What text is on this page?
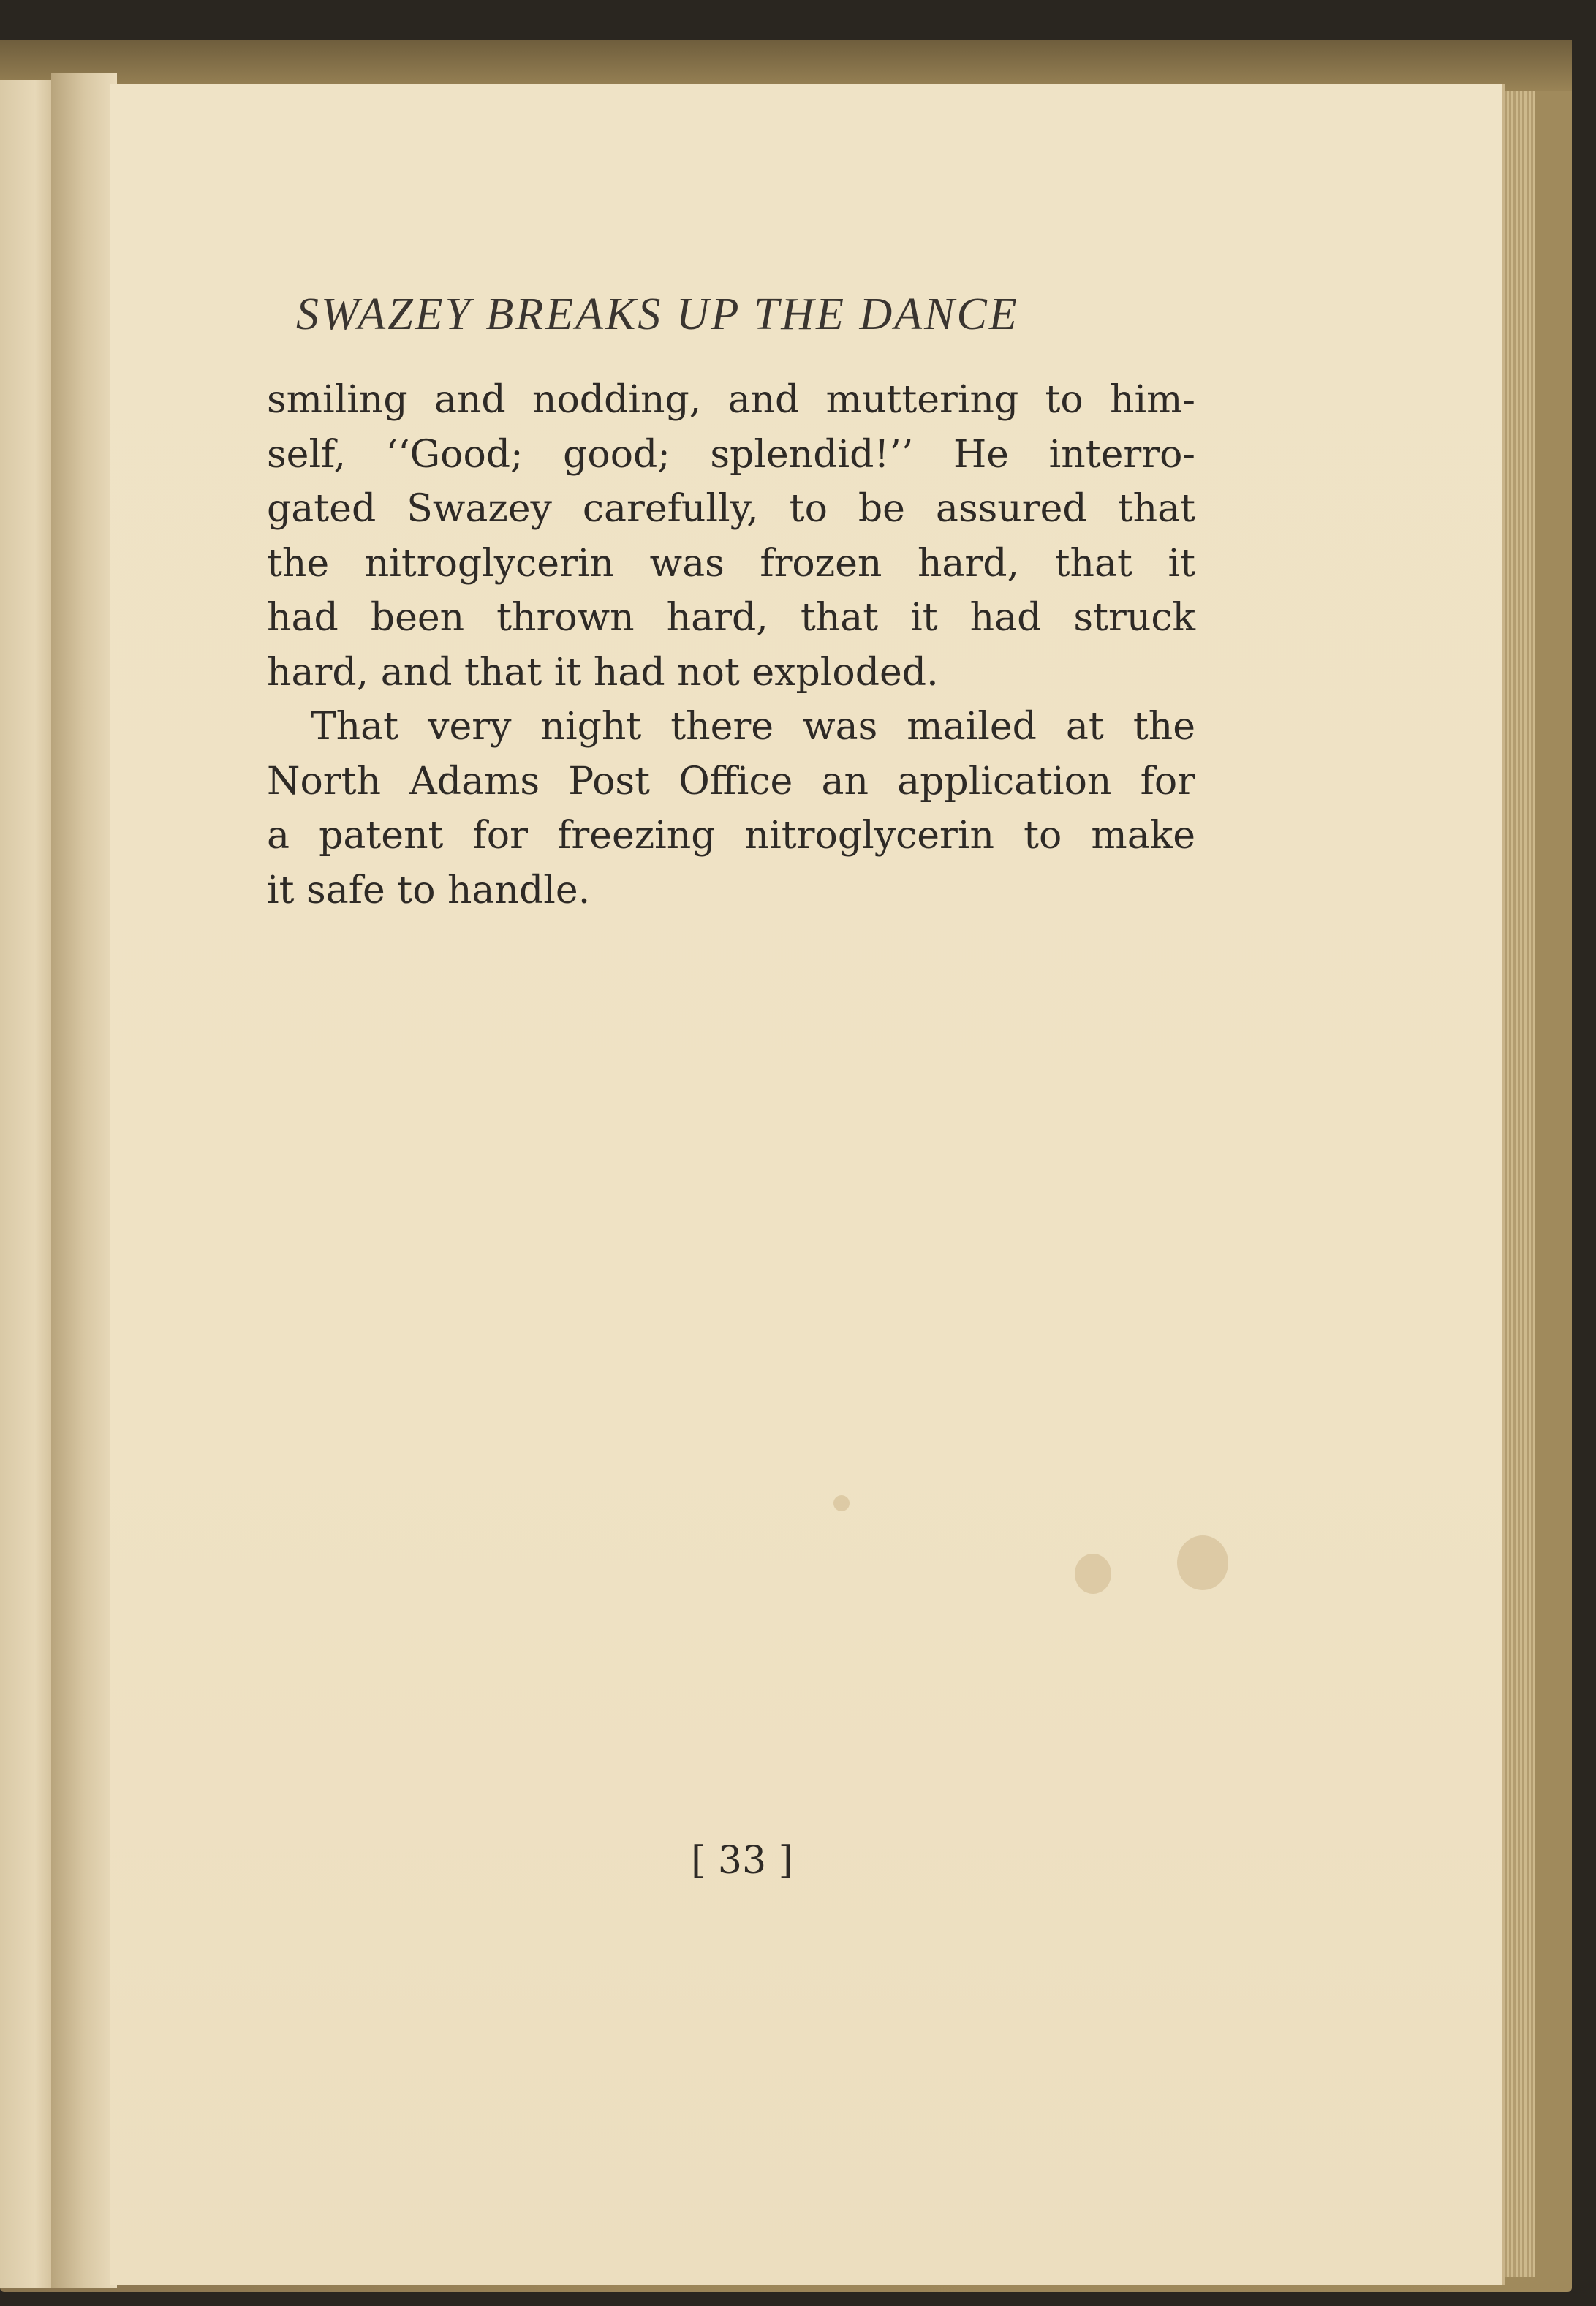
SWAZEY BREAKS UP THE DANCE
smiling and nodding, and muttering to him-
self, ‘‘Good; good; splendid!’’ He interro-
gated Swazey carefully, to be assured that
the nitroglycerin was frozen hard, that it
had been thrown hard, that it had struck
hard, and that it had not exploded.
That very night there was mailed at the
North Adams Post Office an application for
a patent for freezing nitroglycerin to make
it safe to handle.
[ 33 ]
